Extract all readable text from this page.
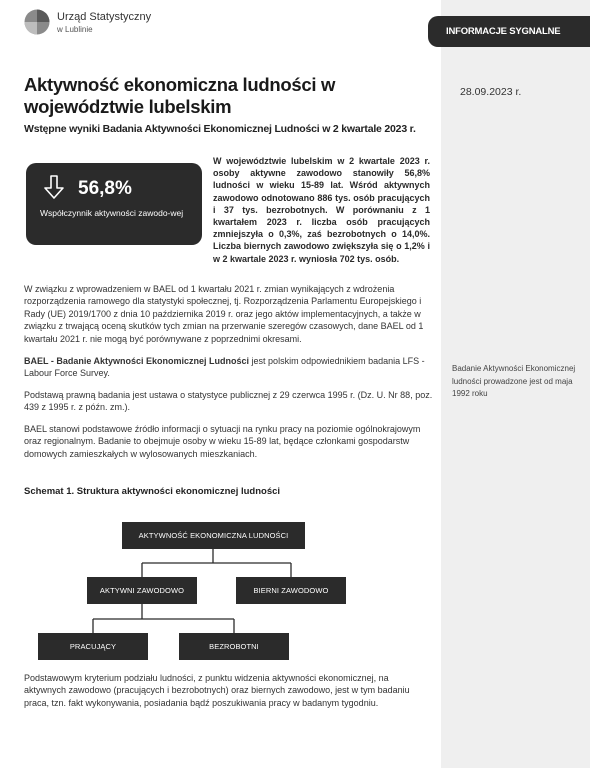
INFORMACJE SYGNALNE
28.09.2023 r.
Badanie Aktywności Ekonomicznej ludności prowadzone jest od maja 1992 roku
Urząd Statystyczny
w Lublinie
Aktywność ekonomiczna ludności w województwie lubelskim
Wstępne wyniki Badania Aktywności Ekonomicznej Ludności w 2 kwartale 2023 r.
56,8%
Współczynnik aktywności zawodo-wej
W województwie lubelskim w 2 kwartale 2023 r. osoby aktywne zawodowo stanowiły 56,8% ludności w wieku 15-89 lat. Wśród aktywnych zawodowo odnotowano 886 tys. osób pracujących i 37 tys. bezrobotnych. W porównaniu z 1 kwartałem 2023 r. liczba osób pracujących zmniejszyła o 0,3%, zaś bezrobotnych o 14,0%. Liczba biernych zawodowo zwiększyła się o 1,2% i w 2 kwartale 2023 r. wyniosła 702 tys. osób.
W związku z wprowadzeniem w BAEL od 1 kwartału 2021 r. zmian wynikających z wdrożenia rozporządzenia ramowego dla statystyki społecznej, tj. Rozporządzenia Parlamentu Europejskiego i Rady (UE) 2019/1700 z dnia 10 października 2019 r. oraz jego aktów implementacyjnych, a także w związku z trwającą oceną skutków tych zmian na przerwanie szeregów czasowych, dane BAEL od 1 kwartału 2021 r. nie mogą być porównywane z poprzednimi okresami.
BAEL - Badanie Aktywności Ekonomicznej Ludności jest polskim odpowiednikiem badania LFS - Labour Force Survey.
Podstawą prawną badania jest ustawa o statystyce publicznej z 29 czerwca 1995 r. (Dz. U. Nr 88, poz. 439 z 1995 r. z późn. zm.).
BAEL stanowi podstawowe źródło informacji o sytuacji na rynku pracy na poziomie ogólnokrajowym oraz regionalnym. Badanie to obejmuje osoby w wieku 15-89 lat, będące członkami gospodarstw domowych zamieszkałych w wylosowanych mieszkaniach.
Schemat 1. Struktura aktywności ekonomicznej ludności
AKTYWNOŚĆ EKONOMICZNA LUDNOŚCI
AKTYWNI ZAWODOWO	BIERNI ZAWODOWO
PRACUJĄCY	BEZROBOTNI
Podstawowym kryterium podziału ludności, z punktu widzenia aktywności ekonomicznej, na aktywnych zawodowo (pracujących i bezrobotnych) oraz biernych zawodowo, jest w tym badaniu praca, tzn. fakt wykonywania, posiadania bądź poszukiwania pracy w badanym tygodniu.
